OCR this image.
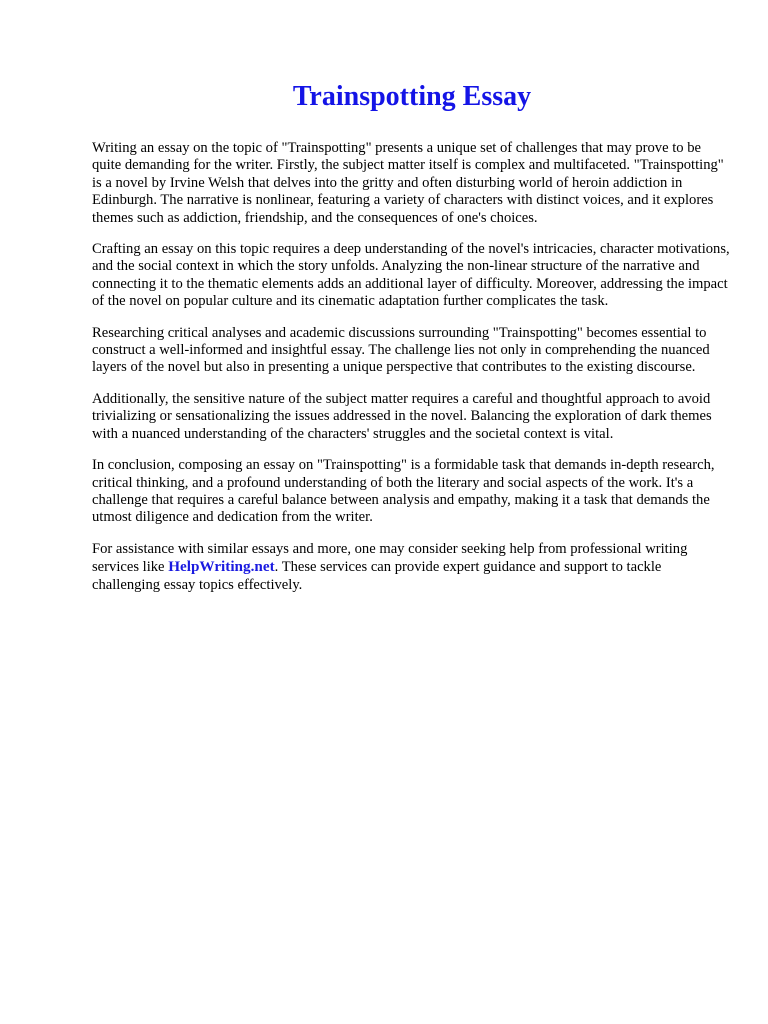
Trainspotting Essay

Writing an essay on the topic of "Trainspotting" presents a unique set of challenges that may prove to be quite demanding for the writer. Firstly, the subject matter itself is complex and multifaceted. "Trainspotting" is a novel by Irvine Welsh that delves into the gritty and often disturbing world of heroin addiction in Edinburgh. The narrative is nonlinear, featuring a variety of characters with distinct voices, and it explores themes such as addiction, friendship, and the consequences of one's choices.

Crafting an essay on this topic requires a deep understanding of the novel's intricacies, character motivations, and the social context in which the story unfolds. Analyzing the non-linear structure of the narrative and connecting it to the thematic elements adds an additional layer of difficulty. Moreover, addressing the impact of the novel on popular culture and its cinematic adaptation further complicates the task.

Researching critical analyses and academic discussions surrounding "Trainspotting" becomes essential to construct a well-informed and insightful essay. The challenge lies not only in comprehending the nuanced layers of the novel but also in presenting a unique perspective that contributes to the existing discourse.

Additionally, the sensitive nature of the subject matter requires a careful and thoughtful approach to avoid trivializing or sensationalizing the issues addressed in the novel. Balancing the exploration of dark themes with a nuanced understanding of the characters' struggles and the societal context is vital.

In conclusion, composing an essay on "Trainspotting" is a formidable task that demands in-depth research, critical thinking, and a profound understanding of both the literary and social aspects of the work. It's a challenge that requires a careful balance between analysis and empathy, making it a task that demands the utmost diligence and dedication from the writer.

For assistance with similar essays and more, one may consider seeking help from professional writing services like HelpWriting.net. These services can provide expert guidance and support to tackle challenging essay topics effectively.
